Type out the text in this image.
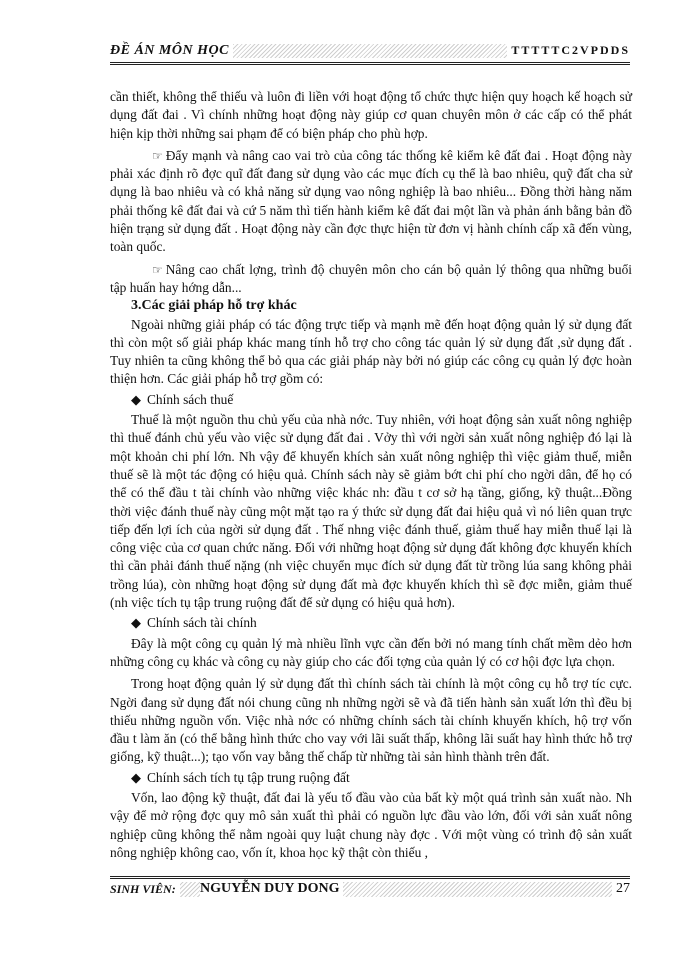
ĐỀ ÁN MÔN HỌC	TTTTTC2VPDDS

cần thiết, không thể thiếu và luôn đi liền với hoạt động tổ chức thực hiện quy hoạch kế hoạch sử dụng đất đai . Vì chính những hoạt động này giúp cơ quan chuyên môn ở các cấp có thể phát hiện kịp thời những sai phạm để có biện pháp cho phù hợp.

☞ Đẩy mạnh và nâng cao vai trò của công tác thống kê kiểm kê đất đai . Hoạt động này phải xác định rõ đợc quĩ đất đang sử dụng vào các mục đích cụ thể là bao nhiêu, quỹ đất cha sử dụng là bao nhiêu và có khả năng sử dụng vao nông nghiệp là bao nhiêu... Đồng thời hàng năm phải thống kê đất đai và cứ 5 năm thì tiến hành kiểm kê đất đai một lần và phản ánh bằng bản đồ hiện trạng sử dụng đất . Hoạt động này cần đợc thực hiện từ đơn vị hành chính cấp xã đến vùng, toàn quốc.

☞ Nâng cao chất lợng, trình độ chuyên môn cho cán bộ quản lý thông qua những buổi tập huấn hay hớng dẫn...

3.Các giải pháp hỗ trợ khác

Ngoài những giải pháp có tác động trực tiếp và mạnh mẽ đến hoạt động quản lý sử dụng đất thì còn một số giải pháp khác mang tính hỗ trợ cho công tác quản lý sử dụng đất ,sử dụng đất . Tuy nhiên ta cũng không thể bỏ qua các giải pháp này bởi nó giúp các công cụ quản lý đợc hoàn thiện hơn. Các giải pháp hỗ trợ gồm có:

◆ Chính sách thuế

Thuế là một nguồn thu chủ yếu của nhà nớc. Tuy nhiên, với hoạt động sản xuất nông nghiệp thì thuế đánh chủ yếu vào việc sử dụng đất đai . Vởy thì với ngời sản xuất nông nghiệp đó lại là một khoản chi phí lớn. Nh vậy để khuyến khích sản xuất nông nghiệp thì việc giảm thuế, miễn thuế sẽ là một tác động có hiệu quả. Chính sách này sẽ giảm bớt chi phí cho ngời dân, để họ có thể có thể đầu t tài chính vào những việc khác nh: đầu t cơ sở hạ tầng, giống, kỹ thuật...Đồng thời việc đánh thuế này cũng một mặt tạo ra ý thức sử dụng đất đai hiệu quả vì nó liên quan trực tiếp đến lợi ích của ngời sử dụng đất . Thế nhng việc đánh thuế, giảm thuế hay miễn thuế lại là công việc của cơ quan chức năng. Đối với những hoạt động sử dụng đất không đợc khuyến khích thì cần phải đánh thuế nặng (nh việc chuyển mục đích sử dụng đất từ trồng lúa sang không phải trồng lúa), còn những hoạt động sử dụng đất mà đợc khuyến khích thì sẽ đợc miễn, giảm thuế (nh việc tích tụ tập trung ruộng đất để sử dụng có hiệu quả hơn).

◆ Chính sách tài chính

Đây là một công cụ quản lý mà nhiều lĩnh vực cần đến bởi nó mang tính chất mềm dẻo hơn những công cụ khác và công cụ này giúp cho các đối tợng của quản lý có cơ hội đợc lựa chọn.

Trong hoạt động quản lý sử dụng đất thì chính sách tài chính là một công cụ hỗ trợ tíc cực. Ngời đang sử dụng đất nói chung cũng nh những ngời sẽ và đã tiến hành sản xuất lớn thì đều bị thiếu những nguồn vốn. Việc nhà nớc có những chính sách tài chính khuyến khích, hộ trợ vốn đầu t làm ăn (có thể bằng hình thức cho vay với lãi suất thấp, không lãi suất hay hình thức hỗ trợ giống, kỹ thuật...); tạo vốn vay bằng thế chấp từ những tài sản hình thành trên đất.

◆ Chính sách tích tụ tập trung ruộng đất

Vốn, lao động kỹ thuật, đất đai là yếu tố đầu vào của bất kỳ một quá trình sản xuất nào. Nh vậy để mở rộng đợc quy mô sản xuất thì phải có nguồn lực đầu vào lớn, đối với sản xuất nông nghiệp cũng không thể nằm ngoài quy luật chung này đợc . Với một vùng có trình độ sản xuất nông nghiệp không cao, vốn ít, khoa học kỹ thật còn thiếu ,

SINH VIÊN: NGUYỄN DUY DONG	27
